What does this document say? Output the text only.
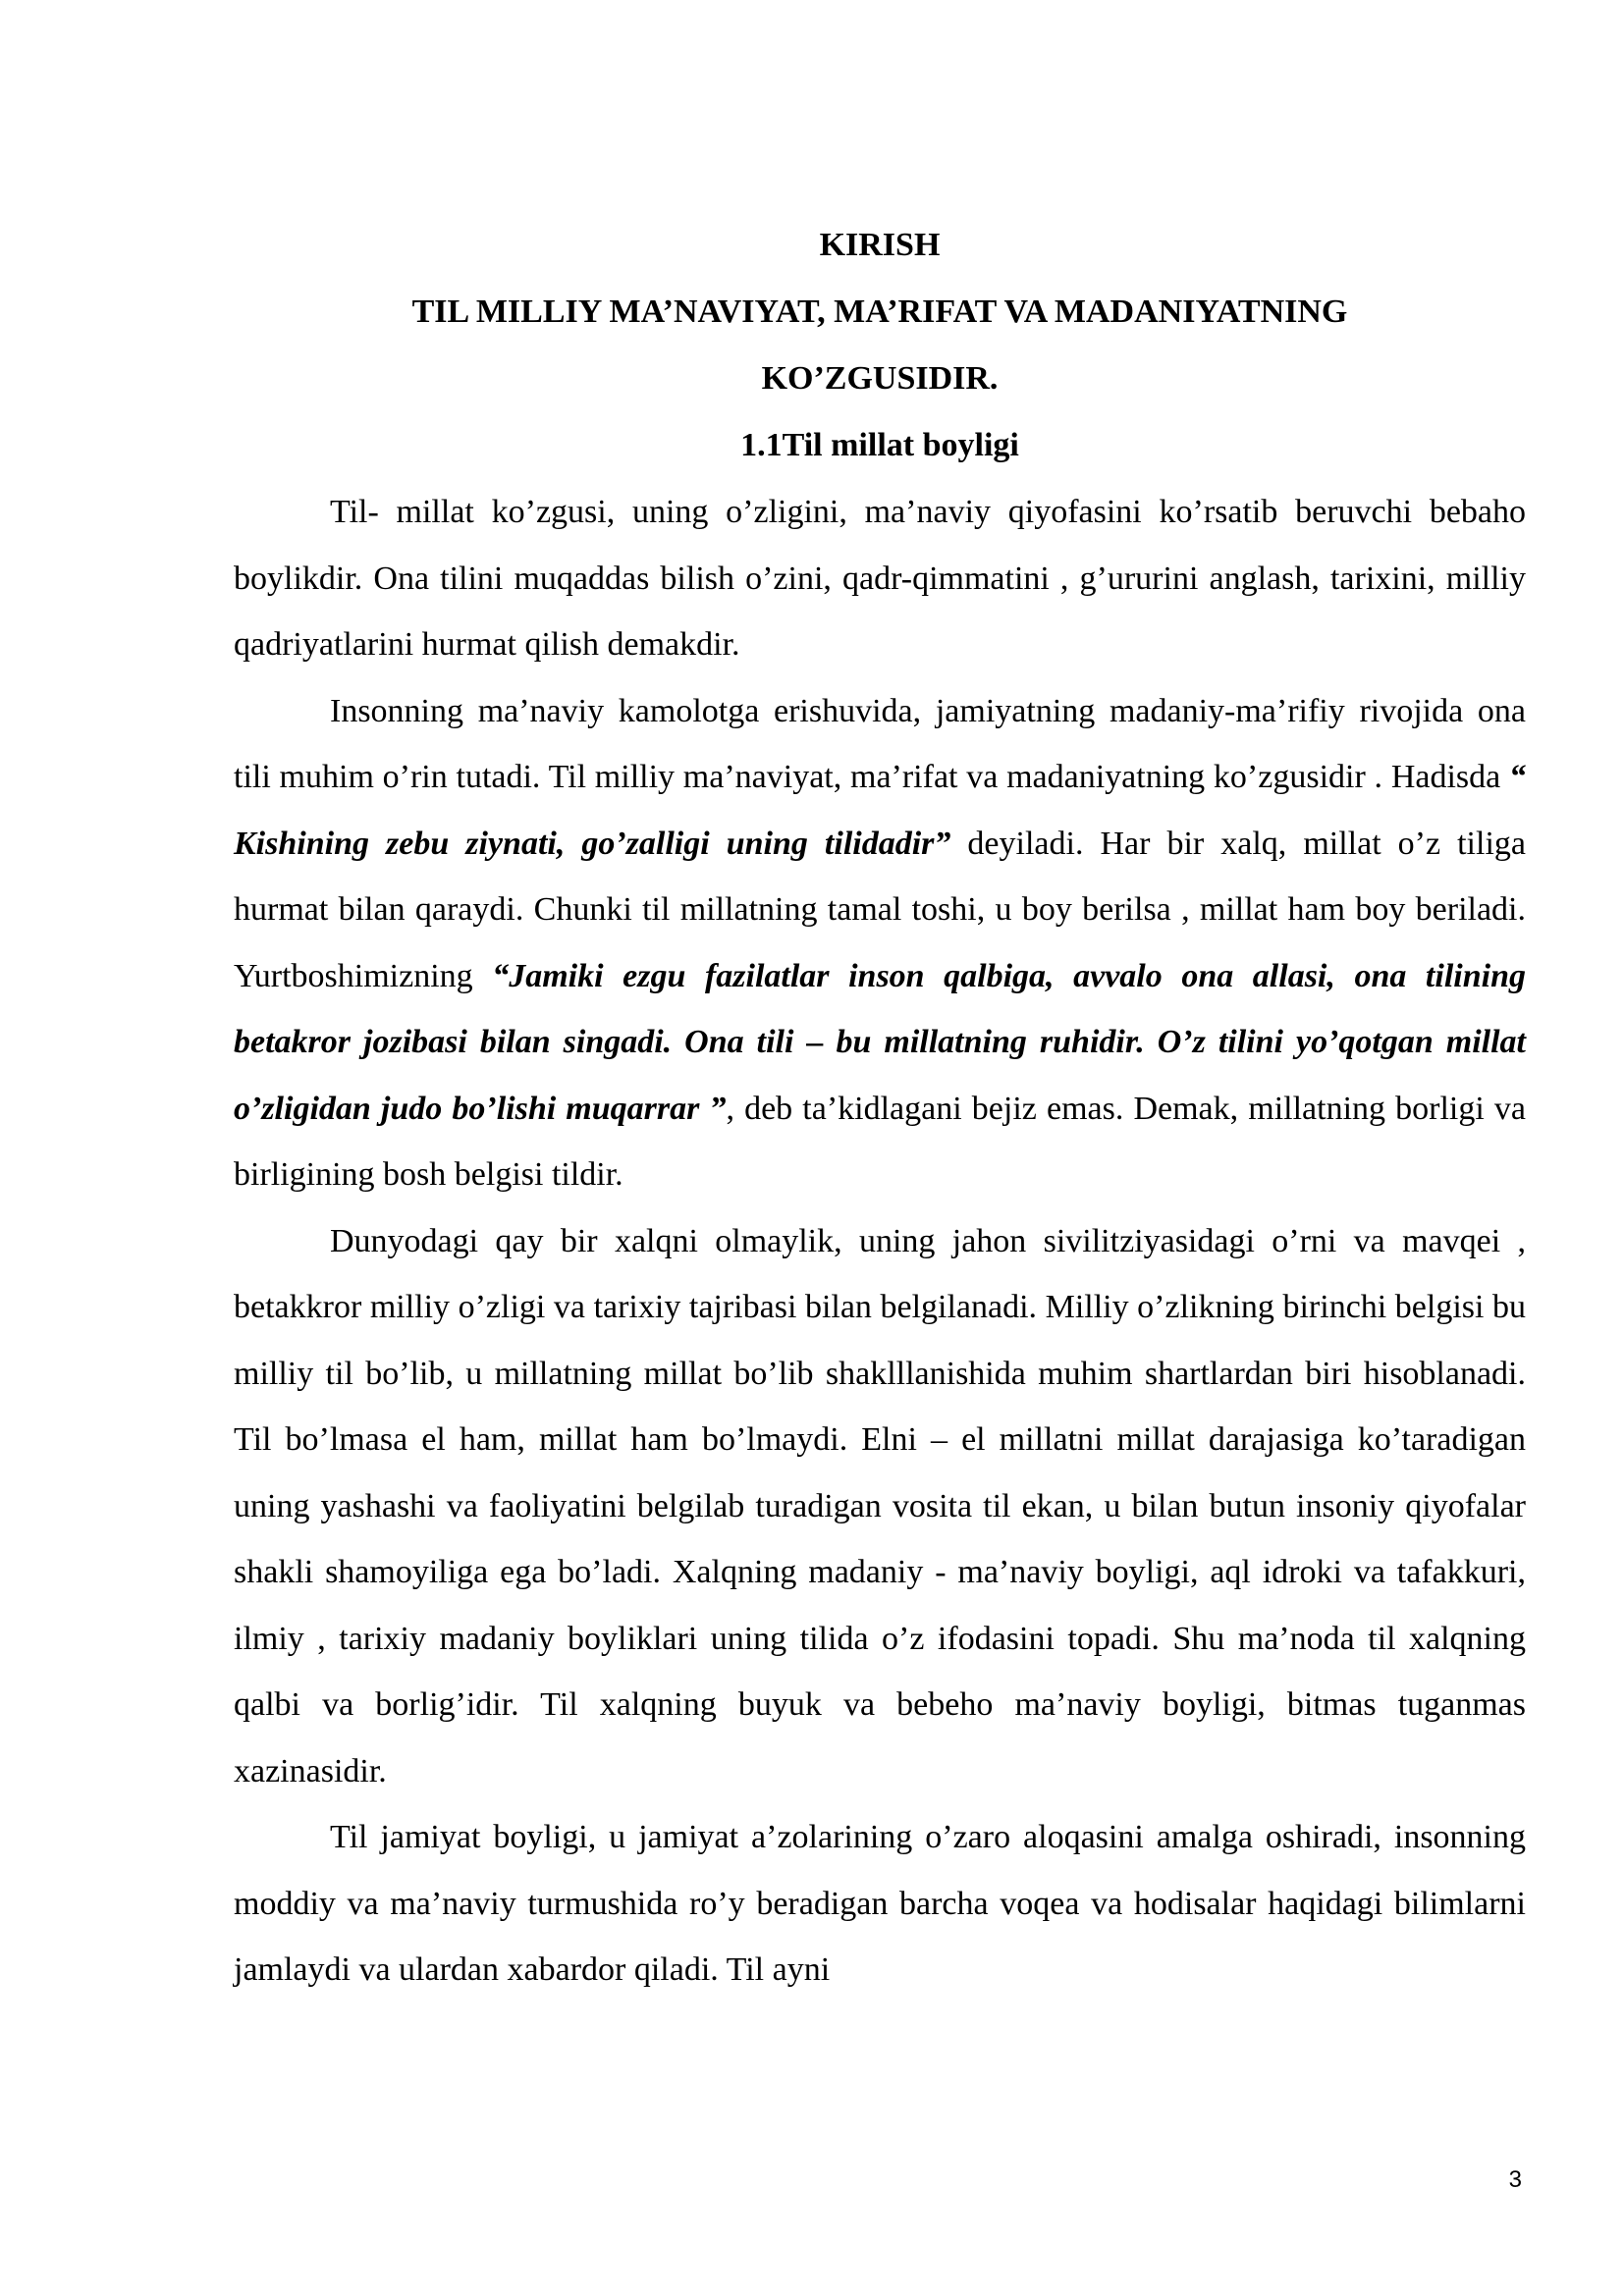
KIRISH

TIL MILLIY MA’NAVIYAT, MA’RIFAT VA MADANIYATNING

KO’ZGUSIDIR.

1.1Til millat boyligi

Til- millat ko’zgusi, uning o’zligini, ma’naviy qiyofasini ko’rsatib beruvchi bebaho boylikdir. Ona tilini muqaddas bilish o’zini, qadr-qimmatini , g’ururini anglash, tarixini, milliy qadriyatlarini hurmat qilish demakdir.

Insonning ma’naviy kamolotga erishuvida, jamiyatning madaniy-ma’rifiy rivojida ona tili muhim o’rin tutadi. Til milliy ma’naviyat, ma’rifat va madaniyatning ko’zgusidir . Hadisda “ Kishining zebu ziynati, go’zalligi uning tilidadir” deyiladi. Har bir xalq, millat o’z tiliga hurmat bilan qaraydi. Chunki til millatning tamal toshi, u boy berilsa , millat ham boy beriladi. Yurtboshimizning “Jamiki ezgu fazilatlar inson qalbiga, avvalo ona allasi, ona tilining betakror jozibasi bilan singadi. Ona tili – bu millatning ruhidir. O’z tilini yo’qotgan millat o’zligidan judo bo’lishi muqarrar ”, deb ta’kidlagani bejiz emas. Demak, millatning borligi va birligining bosh belgisi tildir.

Dunyodagi qay bir xalqni olmaylik, uning jahon sivilitziyasidagi o’rni va mavqei , betakkror milliy o’zligi va tarixiy tajribasi bilan belgilanadi. Milliy o’zlikning birinchi belgisi bu milliy til bo’lib, u millatning millat bo’lib shaklllanishida muhim shartlardan biri hisoblanadi. Til bo’lmasa el ham, millat ham bo’lmaydi. Elni – el millatni millat darajasiga ko’taradigan uning yashashi va faoliyatini belgilab turadigan vosita til ekan, u bilan butun insoniy qiyofalar shakli shamoyiliga ega bo’ladi. Xalqning madaniy - ma’naviy boyligi, aql idroki va tafakkuri, ilmiy , tarixiy madaniy boyliklari uning tilida o’z ifodasini topadi. Shu ma’noda til xalqning qalbi va borlig’idir. Til xalqning buyuk va bebeho ma’naviy boyligi, bitmas tuganmas xazinasidir.

Til jamiyat boyligi, u jamiyat a’zolarining o’zaro aloqasini amalga oshiradi, insonning moddiy va ma’naviy turmushida ro’y beradigan barcha voqea va hodisalar haqidagi bilimlarni jamlaydi va ulardan xabardor qiladi. Til ayni

3
